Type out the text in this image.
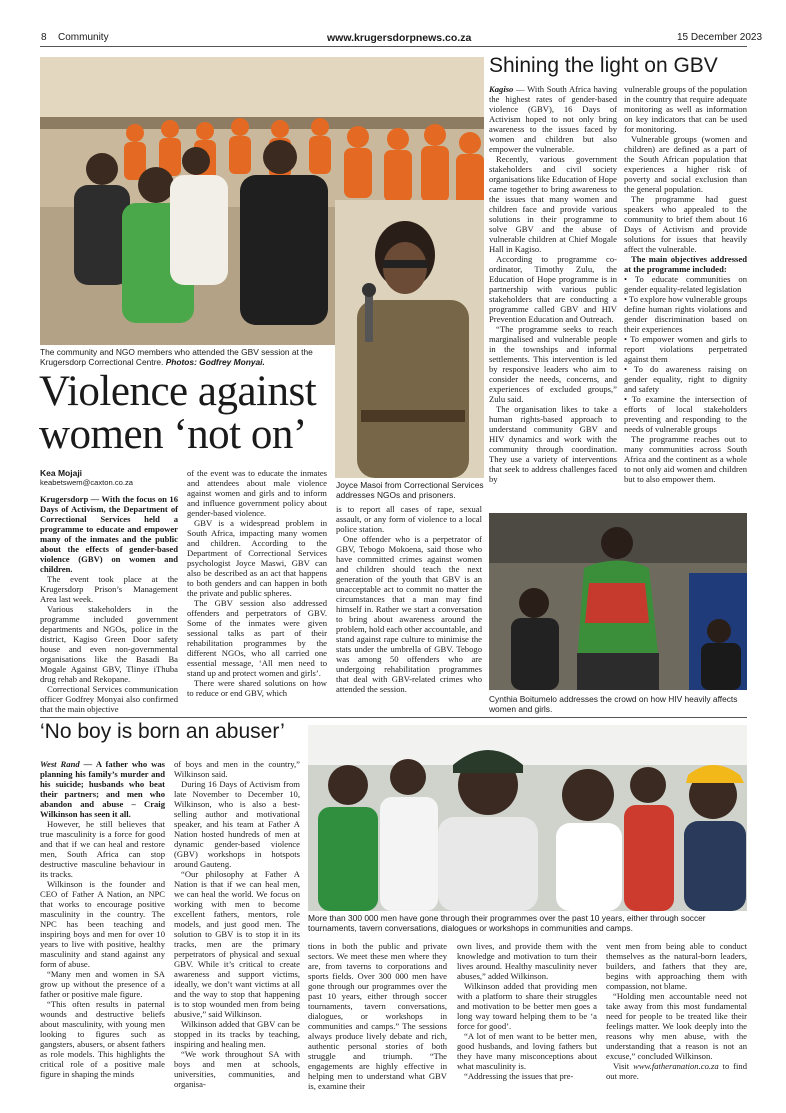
8 Community	www.krugersdorpnews.co.za	15 December 2023
The community and NGO members who attended the GBV session at the Krugersdorp Correctional Centre. Photos: Godfrey Monyai.
Violence against women ‘not on’
Joyce Masoi from Correctional Services addresses NGOs and prisoners.
Kea Mojaji
keabetswem@caxton.co.za

Krugersdorp — With the focus on 16 Days of Activism, the Department of Correctional Services held a programme to educate and empower many of the inmates and the public about the effects of gender-based violence (GBV) on women and children.

The event took place at the Krugersdorp Prison’s Management Area last week.

Various stakeholders in the programme included government departments and NGOs, police in the district, Kagiso Green Door safety house and even non-governmental organisations like the Basadi Ba Mogale Against GBV, Tlinye iThuba drug rehab and Rekopane.

Correctional Services communication officer Godfrey Monyai also confirmed that the main objective

of the event was to educate the inmates and attendees about male violence against women and girls and to inform and influence government policy about gender-based violence.

GBV is a widespread problem in South Africa, impacting many women and children. According to the Department of Correctional Services psychologist Joyce Maswi, GBV can also be described as an act that happens to both genders and can happen in both the private and public spheres.

The GBV session also addressed offenders and perpetrators of GBV. Some of the inmates were given sessional talks as part of their rehabilitation programmes by the different NGOs, who all carried one essential message, ‘All men need to stand up and protect women and girls’.

There were shared solutions on how to reduce or end GBV, which

is to report all cases of rape, sexual assault, or any form of violence to a local police station.

One offender who is a perpetrator of GBV, Tebogo Mokoena, said those who have committed crimes against women and children should teach the next generation of the youth that GBV is an unacceptable act to commit no matter the circumstances that a man may find himself in. Rather we start a conversation to bring about awareness around the problem, hold each other accountable, and stand against rape culture to minimise the stats under the umbrella of GBV. Tebogo was among 50 offenders who are undergoing rehabilitation programmes that deal with GBV-related crimes who attended the session.

Shining the light on GBV

Kagiso — With South Africa having the highest rates of gender-based violence (GBV), 16 Days of Activism hoped to not only bring awareness to the issues faced by women and children but also empower the vulnerable.

Recently, various government stakeholders and civil society organisations like Education of Hope came together to bring awareness to the issues that many women and children face and provide various solutions in their programme to solve GBV and the abuse of vulnerable children at Chief Mogale Hall in Kagiso.

According to programme co-ordinator, Timothy Zulu, the Education of Hope programme is in partnership with various public stakeholders that are conducting a programme called GBV and HIV Prevention Education and Outreach.

“The programme seeks to reach marginalised and vulnerable people in the townships and informal settlements. This intervention is led by responsive leaders who aim to consider the needs, concerns, and experiences of excluded groups,” Zulu said.

The organisation likes to take a human rights-based approach to understand community GBV and HIV dynamics and work with the community through coordination. They use a variety of interventions that seek to address challenges faced by

vulnerable groups of the population in the country that require adequate monitoring as well as information on key indicators that can be used for monitoring.

Vulnerable groups (women and children) are defined as a part of the South African population that experiences a higher risk of poverty and social exclusion than the general population.

The programme had guest speakers who appealed to the community to brief them about 16 Days of Activism and provide solutions for issues that heavily affect the vulnerable.

The main objectives addressed at the programme included:

• To educate communities on gender equality-related legislation

• To explore how vulnerable groups define human rights violations and gender discrimination based on their experiences

• To empower women and girls to report violations perpetrated against them

• To do awareness raising on gender equality, right to dignity and safety

• To examine the intersection of efforts of local stakeholders preventing and responding to the needs of vulnerable groups

The programme reaches out to many communities across South Africa and the continent as a whole to not only aid women and children but to also empower them.

Cynthia Boitumelo addresses the crowd on how HIV heavily affects women and girls.
‘No boy is born an abuser’
More than 300 000 men have gone through their programmes over the past 10 years, either through soccer tournaments, tavern conversations, dialogues or workshops in communities and camps.

West Rand — A father who was planning his family’s murder and his suicide; husbands who beat their partners; and men who abandon and abuse – Craig Wilkinson has seen it all.

However, he still believes that true masculinity is a force for good and that if we can heal and restore men, South Africa can stop destructive masculine behaviour in its tracks.

Wilkinson is the founder and CEO of Father A Nation, an NPC that works to encourage positive masculinity in the country. The NPC has been teaching and inspiring boys and men for over 10 years to live with positive, healthy masculinity and stand against any form of abuse.

“Many men and women in SA grow up without the presence of a father or positive male figure.

“This often results in paternal wounds and destructive beliefs about masculinity, with young men looking to figures such as gangsters, abusers, or absent fathers as role models. This highlights the critical role of a positive male figure in shaping the minds

of boys and men in the country,” Wilkinson said.

During 16 Days of Activism from late November to December 10, Wilkinson, who is also a best-selling author and motivational speaker, and his team at Father A Nation hosted hundreds of men at dynamic gender-based violence (GBV) workshops in hotspots around Gauteng.

“Our philosophy at Father A Nation is that if we can heal men, we can heal the world. We focus on working with men to become excellent fathers, mentors, role models, and just good men. The solution to GBV is to stop it in its tracks, men are the primary perpetrators of physical and sexual GBV. While it’s critical to create awareness and support victims, ideally, we don’t want victims at all and the way to stop that happening is to stop wounded men from being abusive,” said Wilkinson.

Wilkinson added that GBV can be stopped in its tracks by teaching, inspiring and healing men.

“We work throughout SA with boys and men at schools, universities, communities, and organisa-

tions in both the public and private sectors. We meet these men where they are, from taverns to corporations and sports fields. Over 300 000 men have gone through our programmes over the past 10 years, either through soccer tournaments, tavern conversations, dialogues, or workshops in communities and camps.” The sessions always produce lively debate and rich, authentic personal stories of both struggle and triumph. “The engagements are highly effective in helping men to understand what GBV is, examine their

own lives, and provide them with the knowledge and motivation to turn their lives around. Healthy masculinity never abuses,” added Wilkinson.

Wilkinson added that providing men with a platform to share their struggles and motivation to be better men goes a long way toward helping them to be ‘a force for good’.

“A lot of men want to be better men, good husbands, and loving fathers but they have many misconceptions about what masculinity is.

“Addressing the issues that pre-

vent men from being able to conduct themselves as the natural-born leaders, builders, and fathers that they are, begins with approaching them with compassion, not blame.

“Holding men accountable need not take away from this most fundamental need for people to be treated like their feelings matter. We look deeply into the reasons why men abuse, with the understanding that a reason is not an excuse,” concluded Wilkinson.

Visit www.fatheranation.co.za to find out more.
